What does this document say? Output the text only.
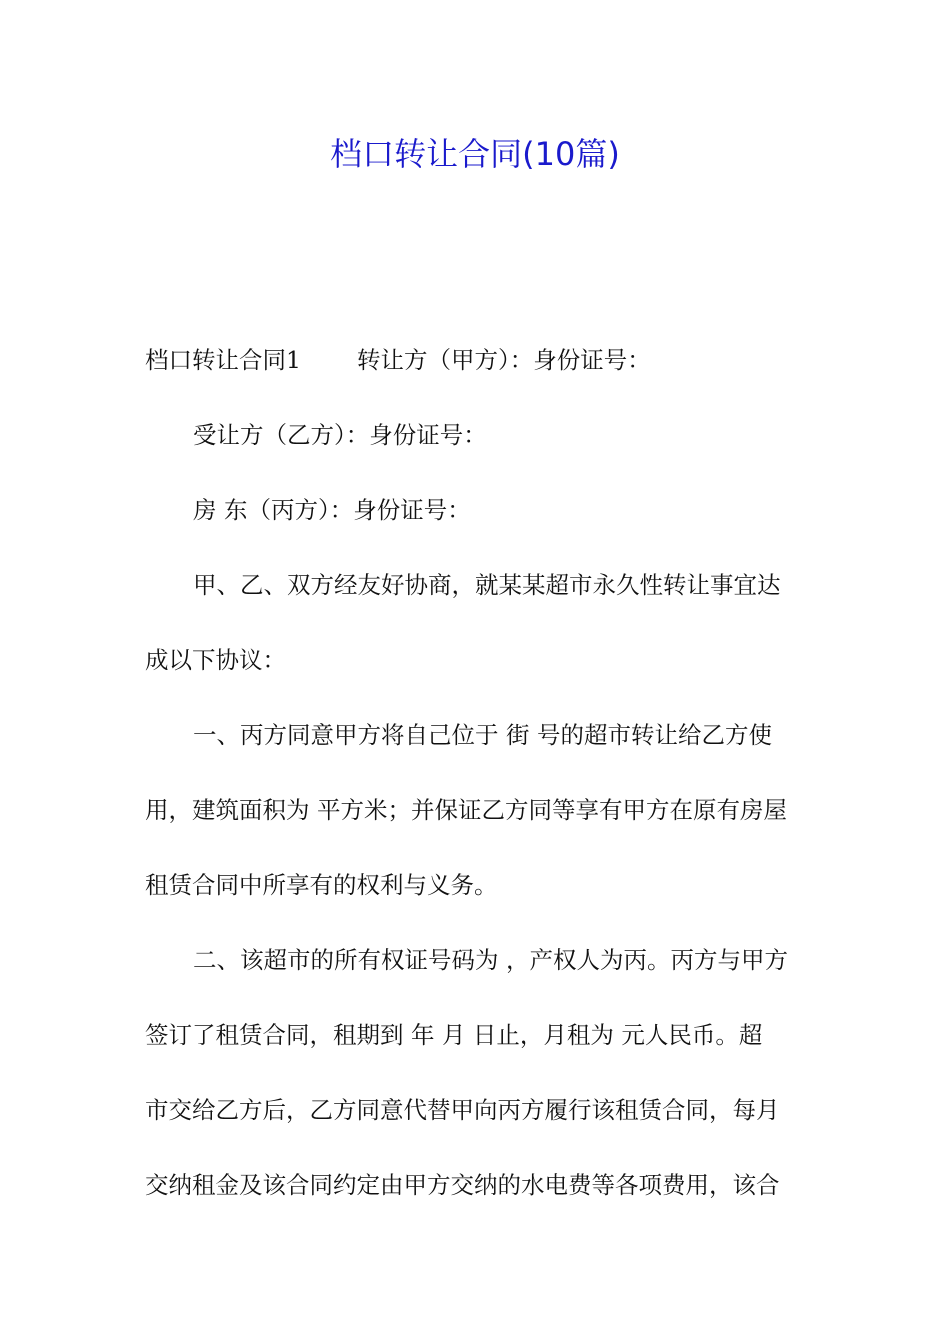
档口转让合同(10篇)
档口转让合同1 转让方（甲方）：身份证号：
受让方（乙方）：身份证号：
房 东（丙方）：身份证号：
甲、乙、双方经友好协商，就某某超市永久性转让事宜达
成以下协议：
一、丙方同意甲方将自己位于 街 号的超市转让给乙方使
用，建筑面积为 平方米；并保证乙方同等享有甲方在原有房屋
租赁合同中所享有的权利与义务。
二、该超市的所有权证号码为 ，产权人为丙。丙方与甲方
签订了租赁合同，租期到 年 月 日止，月租为 元人民币。超
市交给乙方后，乙方同意代替甲向丙方履行该租赁合同，每月
交纳租金及该合同约定由甲方交纳的水电费等各项费用，该合
